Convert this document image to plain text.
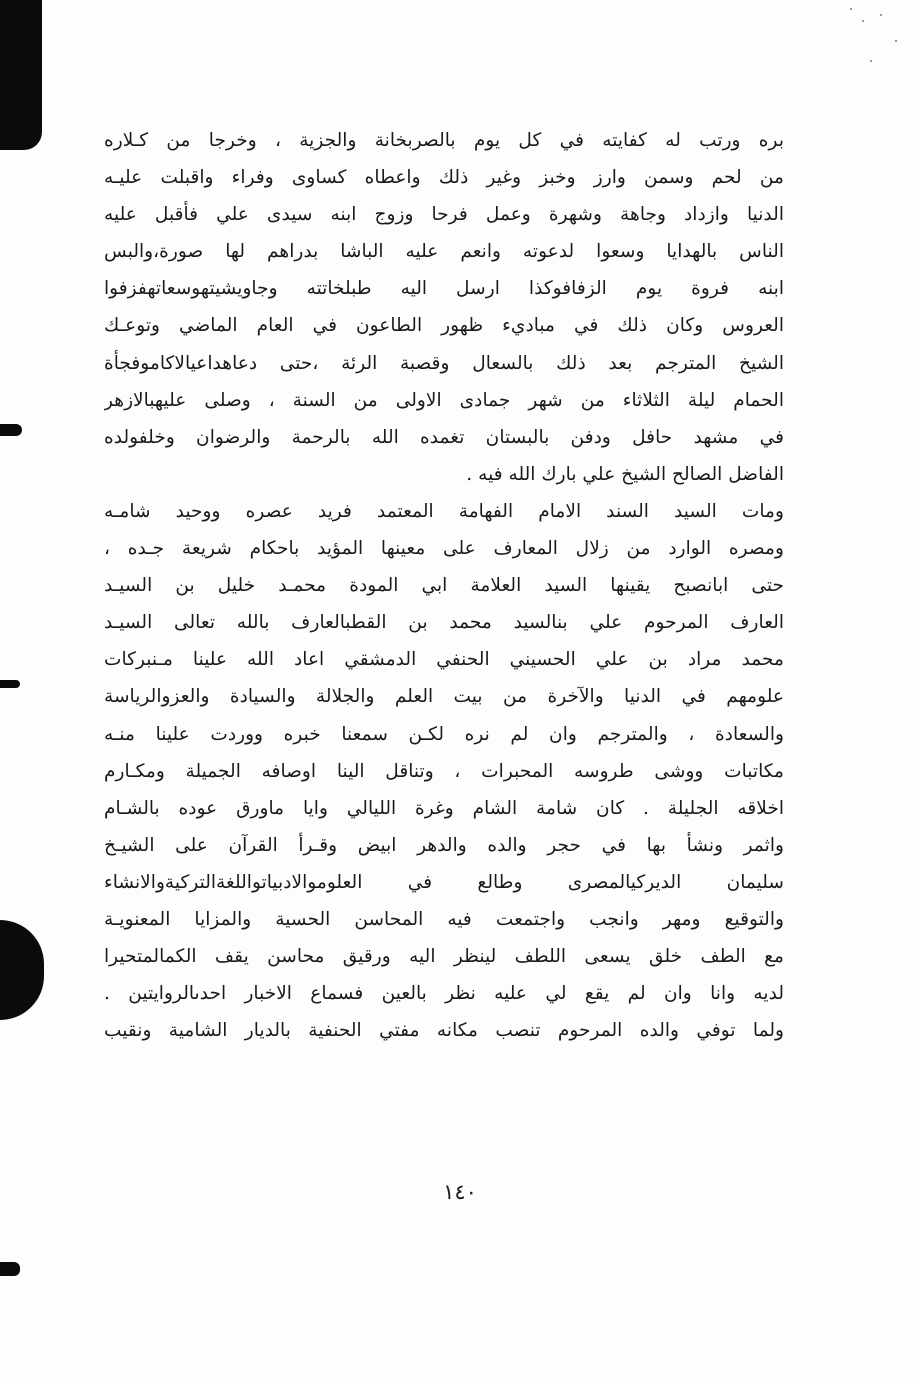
بره ورتب له كفايته في كل يوم بالصربخانة والجزية ، وخرجا من كـلاره
من لحم وسمن وارز وخبز وغير ذلك واعطاه كساوى وفراء واقبلت عليـه
الدنيا وازداد وجاهة وشهرة وعمل فرحا وزوج ابنه سيدى علي فأقبل عليه
الناس بالهدايا وسعوا لدعوته وانعم عليه الباشا بدراهم لها صورة،والبس
ابنه فروة يوم الزفافوكذا ارسل اليه طبلخاتته وجاويشيتهوسعاتهفزفوا
العروس وكان ذلك في مباديء ظهور الطاعون في العام الماضي وتوعـك
الشيخ المترجم بعد ذلك بالسعال وقصبة الرئة ،حتى دعاهداعيالاكاموفجأة
الحمام ليلة الثلاثاء من شهر جمادى الاولى من السنة ، وصلى عليهبالازهر
في مشهد حافل ودفن بالبستان تغمده الله بالرحمة والرضوان وخلفولده
الفاضل الصالح الشيخ علي بارك الله فيه .
ومات السيد السند الامام الفهامة المعتمد فريد عصره ووحيد شامـه
ومصره الوارد من زلال المعارف على معينها المؤيد باحكام شريعة جـده ،
حتى ابانصبح يقينها السيد العلامة ابي المودة محمـد خليل بن السيـد
العارف المرحوم علي بنالسيد محمد بن القطبالعارف بالله تعالى السيـد
محمد مراد بن علي الحسيني الحنفي الدمشقي اعاد الله علينا مـنبركات
علومهم في الدنيا والآخرة من بيت العلم والجلالة والسيادة والعزوالرياسة
والسعادة ، والمترجم وان لم نره لكـن سمعنا خبره ووردت علينا منـه
مكاتبات ووشى طروسه المحبرات ، وتناقل الينا اوصافه الجميلة ومكـارم
اخلاقه الجليلة . كان شامة الشام وغرة الليالي وايا ماورق عوده بالشـام
واثمر ونشأ بها في حجر والده والدهر ابيض وقـرأ القرآن على الشيـخ
سليمان الديركيالمصرى وطالع في العلوموالادبياتواللغةالتركيةوالانشاء
والتوقيع ومهر وانجب واجتمعت فيه المحاسن الحسية والمزايا المعنويـة
مع الطف خلق يسعى اللطف لينظر اليه ورقيق محاسن يقف الكمالمتحيرا
لديه وانا وان لم يقع لي عليه نظر بالعين فسماع الاخبار احدىالروايتين .
ولما توفي والده المرحوم تنصب مكانه مفتي الحنفية بالديار الشامية ونقيب
١٤٠
